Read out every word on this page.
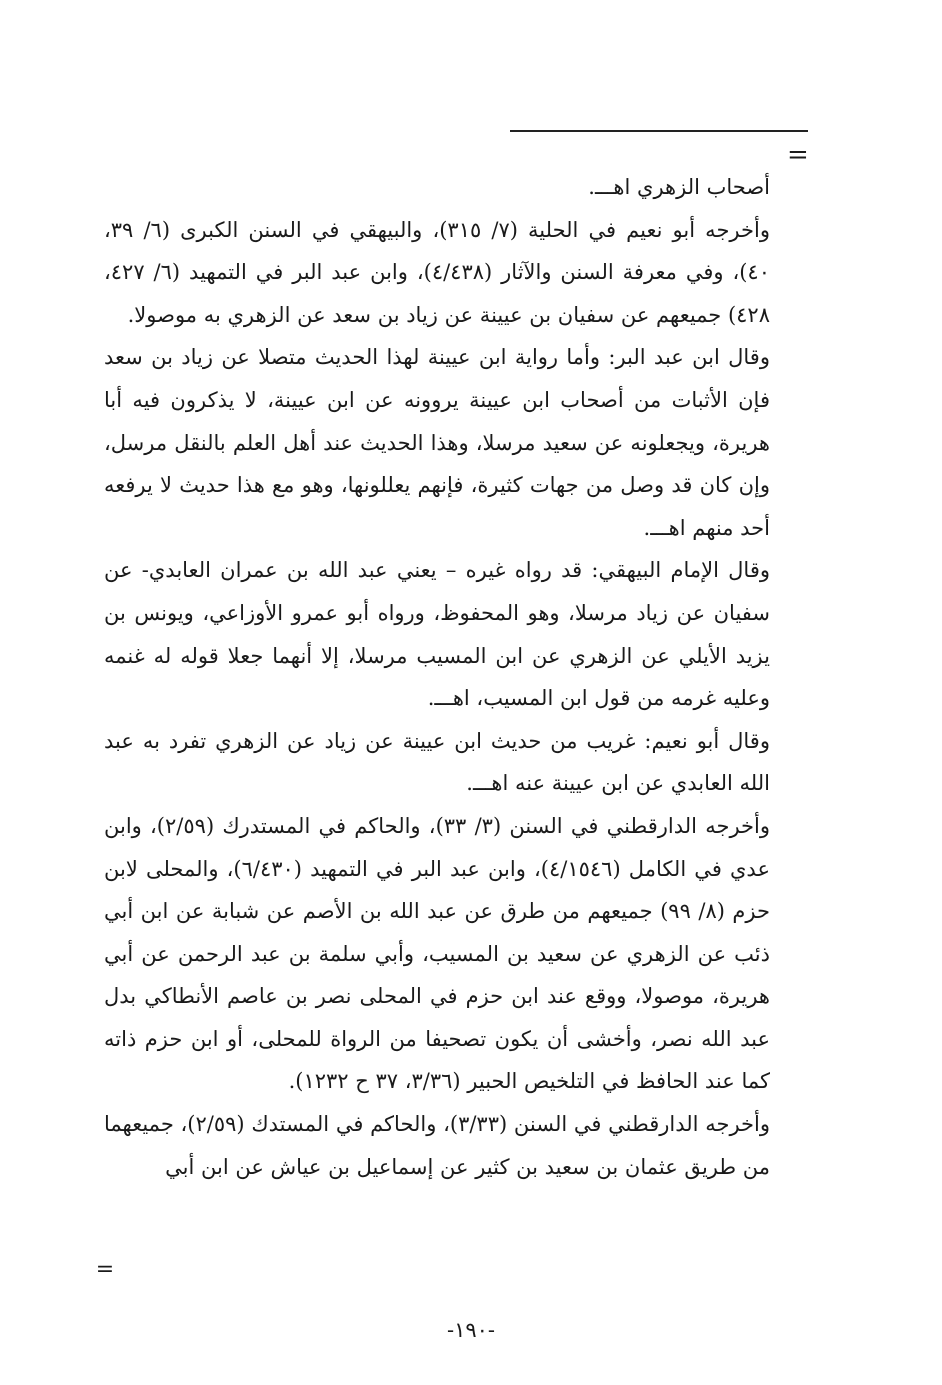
=

أصحاب الزهري اهـــ.

وأخرجه أبو نعيم في الحلية (٧/ ٣١٥)، والبيهقي في السنن الكبرى (٦/ ٣٩، ٤٠)، وفي معرفة السنن والآثار (٤/٤٣٨)، وابن عبد البر في التمهيد (٦/ ٤٢٧، ٤٢٨) جميعهم عن سفيان بن عيينة عن زياد بن سعد عن الزهري به موصولا.

وقال ابن عبد البر: وأما رواية ابن عيينة لهذا الحديث متصلا عن زياد بن سعد فإن الأثبات من أصحاب ابن عيينة يروونه عن ابن عيينة، لا يذكرون فيه أبا هريرة، ويجعلونه عن سعيد مرسلا، وهذا الحديث عند أهل العلم بالنقل مرسل، وإن كان قد وصل من جهات كثيرة، فإنهم يعللونها، وهو مع هذا حديث لا يرفعه أحد منهم اهـــ.

وقال الإمام البيهقي: قد رواه غيره – يعني عبد الله بن عمران العابدي- عن سفيان عن زياد مرسلا، وهو المحفوظ، ورواه أبو عمرو الأوزاعي، ويونس بن يزيد الأيلي عن الزهري عن ابن المسيب مرسلا، إلا أنهما جعلا قوله له غنمه وعليه غرمه من قول ابن المسيب، اهـــ.

وقال أبو نعيم: غريب من حديث ابن عيينة عن زياد عن الزهري تفرد به عبد الله العابدي عن ابن عيينة عنه اهـــ.

وأخرجه الدارقطني في السنن (٣/ ٣٣)، والحاكم في المستدرك (٢/٥٩)، وابن عدي في الكامل (٤/١٥٤٦)، وابن عبد البر في التمهيد (٦/٤٣٠)، والمحلى لابن حزم (٨/ ٩٩) جميعهم من طرق عن عبد الله بن الأصم عن شبابة عن ابن أبي ذئب عن الزهري عن سعيد بن المسيب، وأبي سلمة بن عبد الرحمن عن أبي هريرة، موصولا، ووقع عند ابن حزم في المحلى نصر بن عاصم الأنطاكي بدل عبد الله نصر، وأخشى أن يكون تصحيفا من الرواة للمحلى، أو ابن حزم ذاته كما عند الحافظ في التلخيص الحبير (٣/٣٦، ٣٧ ح ١٢٣٢).

وأخرجه الدارقطني في السنن (٣/٣٣)، والحاكم في المستدك (٢/٥٩)، جميعهما من طريق عثمان بن سعيد بن كثير عن إسماعيل بن عياش عن ابن أبي

=
-١٩٠-
